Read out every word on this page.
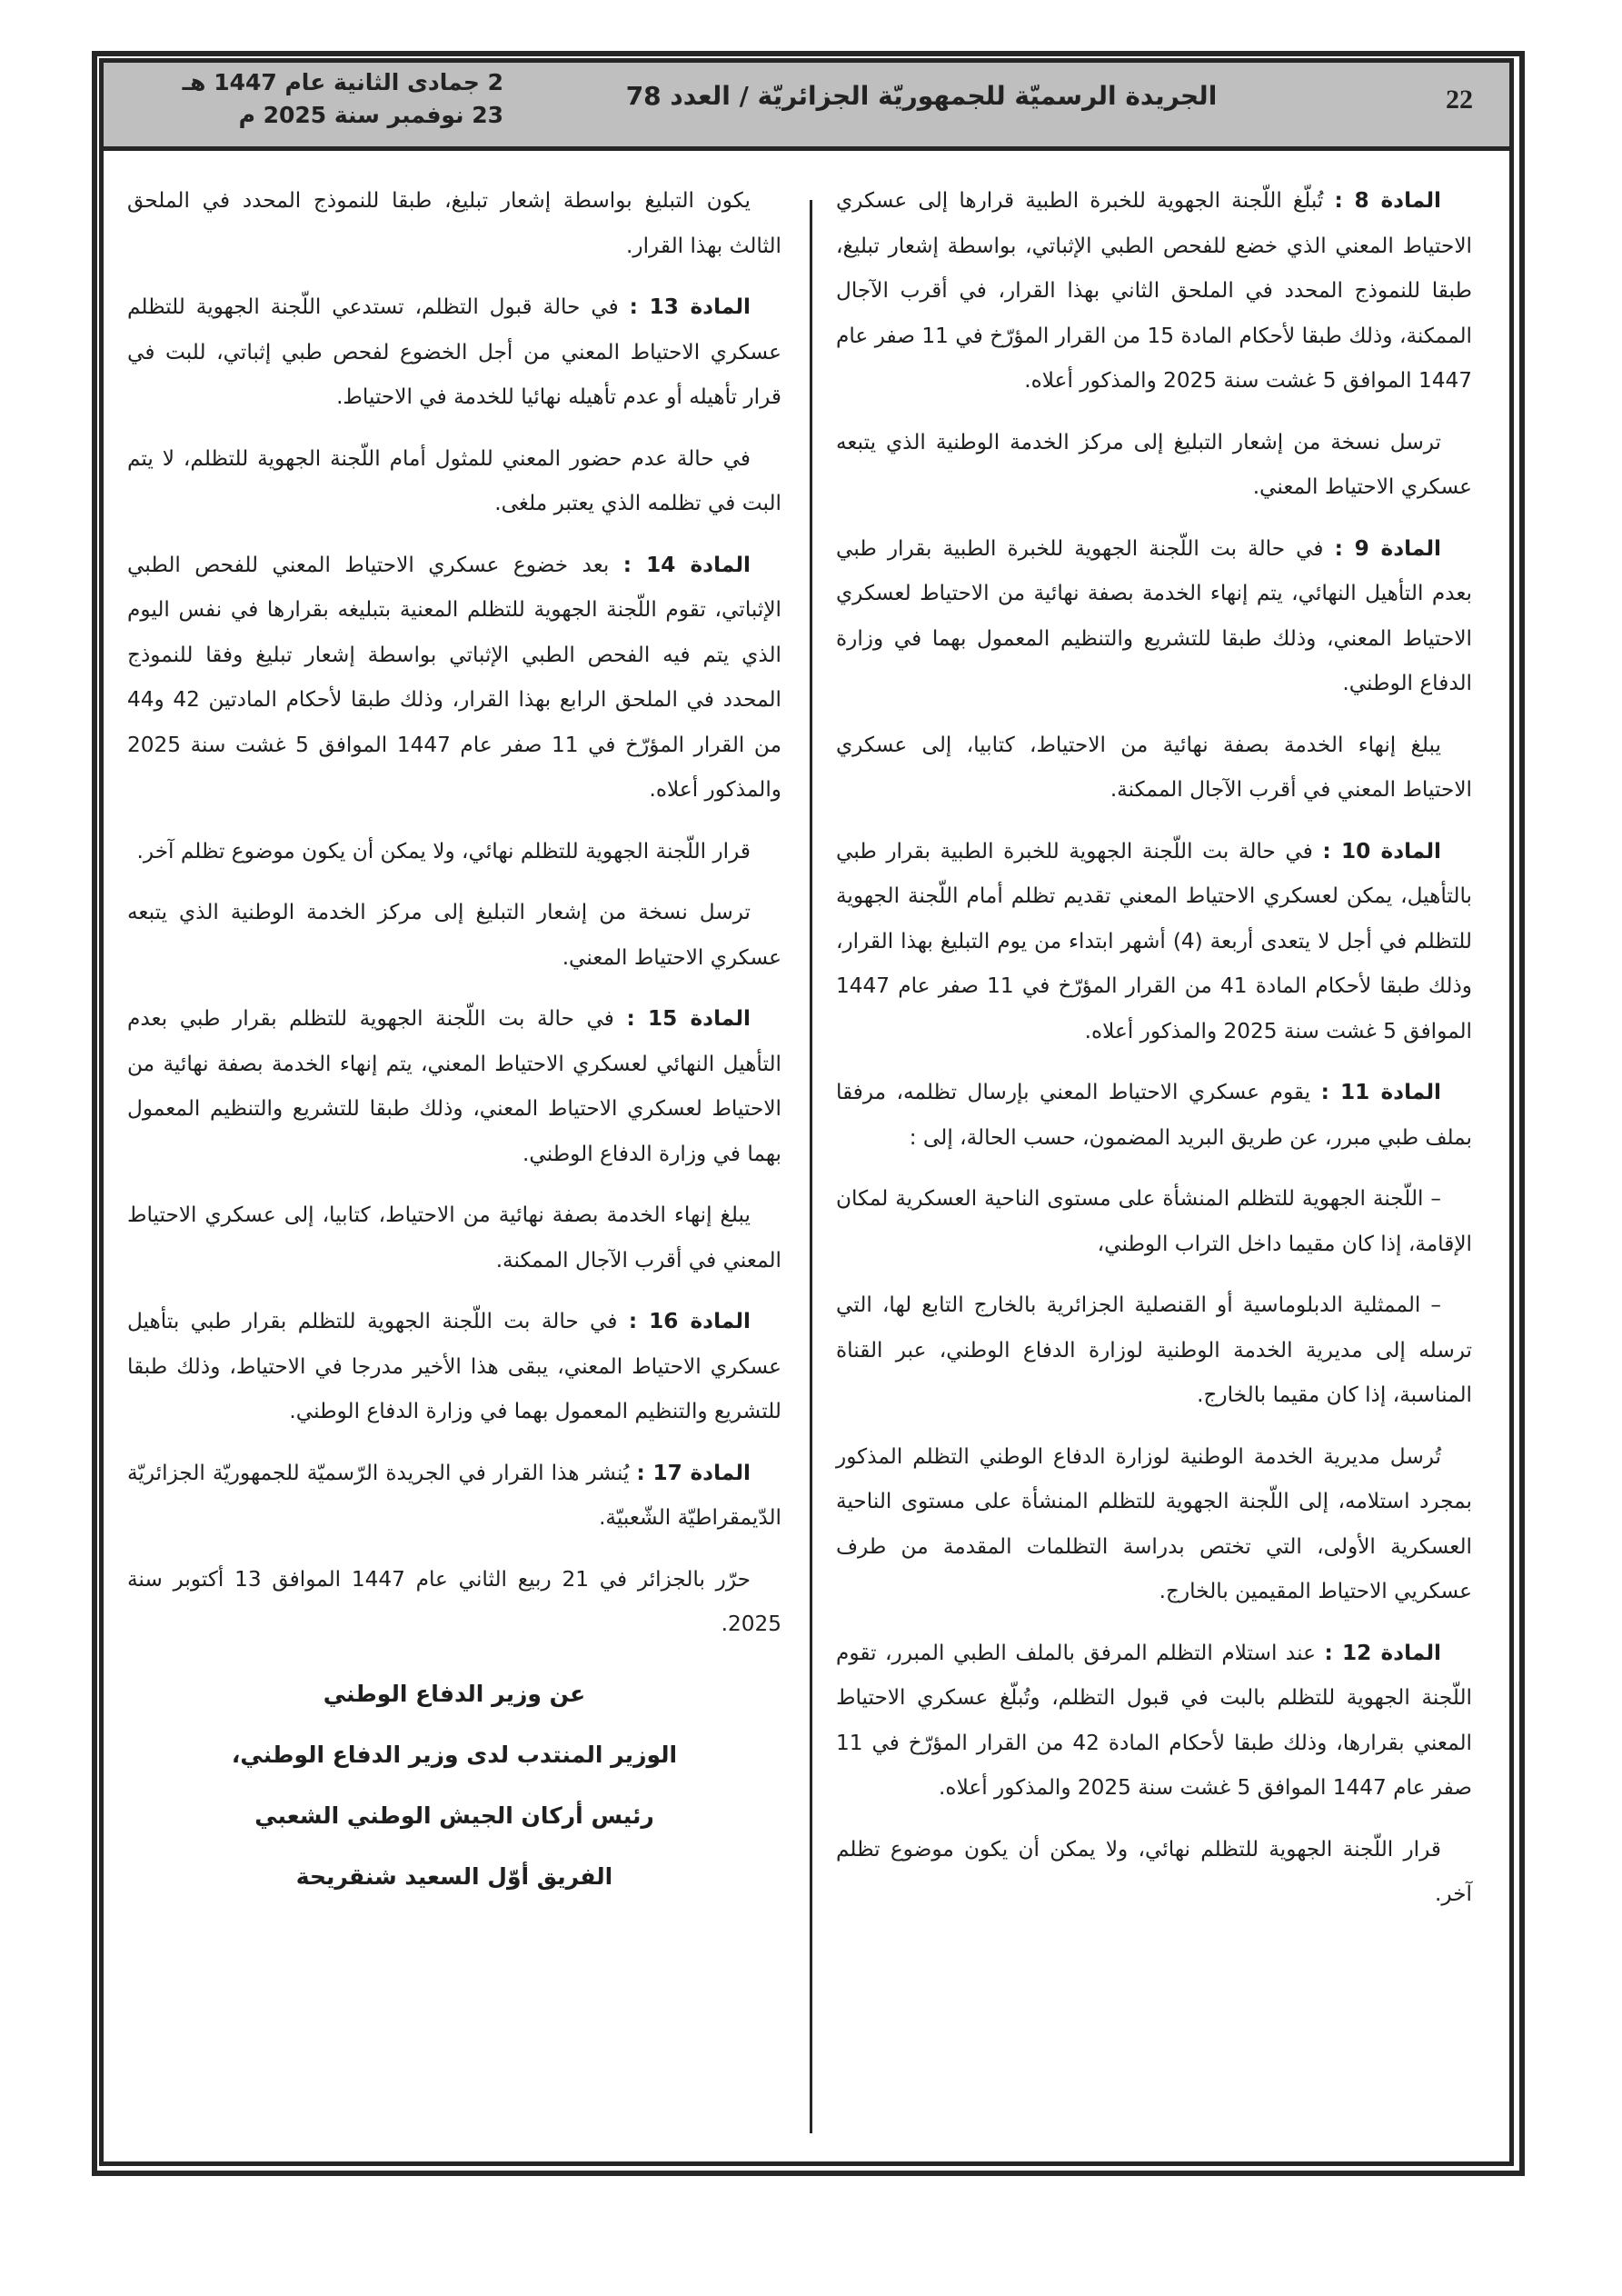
22
الجريدة الرسميّة للجمهوريّة الجزائريّة / العدد 78
2 جمادى الثانية عام 1447 هـ
23 نوفمبر سنة 2025 م

المادة 8 : تُبلّغ اللّجنة الجهوية للخبرة الطبية قرارها إلى عسكري الاحتياط المعني الذي خضع للفحص الطبي الإثباتي، بواسطة إشعار تبليغ، طبقا للنموذج المحدد في الملحق الثاني بهذا القرار، في أقرب الآجال الممكنة، وذلك طبقا لأحكام المادة 15 من القرار المؤرّخ في 11 صفر عام 1447 الموافق 5 غشت سنة 2025 والمذكور أعلاه.

ترسل نسخة من إشعار التبليغ إلى مركز الخدمة الوطنية الذي يتبعه عسكري الاحتياط المعني.

المادة 9 : في حالة بت اللّجنة الجهوية للخبرة الطبية بقرار طبي بعدم التأهيل النهائي، يتم إنهاء الخدمة بصفة نهائية من الاحتياط لعسكري الاحتياط المعني، وذلك طبقا للتشريع والتنظيم المعمول بهما في وزارة الدفاع الوطني.

يبلغ إنهاء الخدمة بصفة نهائية من الاحتياط، كتابيا، إلى عسكري الاحتياط المعني في أقرب الآجال الممكنة.

المادة 10 : في حالة بت اللّجنة الجهوية للخبرة الطبية بقرار طبي بالتأهيل، يمكن لعسكري الاحتياط المعني تقديم تظلم أمام اللّجنة الجهوية للتظلم في أجل لا يتعدى أربعة (4) أشهر ابتداء من يوم التبليغ بهذا القرار، وذلك طبقا لأحكام المادة 41 من القرار المؤرّخ في 11 صفر عام 1447 الموافق 5 غشت سنة 2025 والمذكور أعلاه.

المادة 11 : يقوم عسكري الاحتياط المعني بإرسال تظلمه، مرفقا بملف طبي مبرر، عن طريق البريد المضمون، حسب الحالة، إلى :

– اللّجنة الجهوية للتظلم المنشأة على مستوى الناحية العسكرية لمكان الإقامة، إذا كان مقيما داخل التراب الوطني،

– الممثلية الدبلوماسية أو القنصلية الجزائرية بالخارج التابع لها، التي ترسله إلى مديرية الخدمة الوطنية لوزارة الدفاع الوطني، عبر القناة المناسبة، إذا كان مقيما بالخارج.

تُرسل مديرية الخدمة الوطنية لوزارة الدفاع الوطني التظلم المذكور بمجرد استلامه، إلى اللّجنة الجهوية للتظلم المنشأة على مستوى الناحية العسكرية الأولى، التي تختص بدراسة التظلمات المقدمة من طرف عسكريي الاحتياط المقيمين بالخارج.

المادة 12 : عند استلام التظلم المرفق بالملف الطبي المبرر، تقوم اللّجنة الجهوية للتظلم بالبت في قبول التظلم، وتُبلّغ عسكري الاحتياط المعني بقرارها، وذلك طبقا لأحكام المادة 42 من القرار المؤرّخ في 11 صفر عام 1447 الموافق 5 غشت سنة 2025 والمذكور أعلاه.

قرار اللّجنة الجهوية للتظلم نهائي، ولا يمكن أن يكون موضوع تظلم آخر.

يكون التبليغ بواسطة إشعار تبليغ، طبقا للنموذج المحدد في الملحق الثالث بهذا القرار.

المادة 13 : في حالة قبول التظلم، تستدعي اللّجنة الجهوية للتظلم عسكري الاحتياط المعني من أجل الخضوع لفحص طبي إثباتي، للبت في قرار تأهيله أو عدم تأهيله نهائيا للخدمة في الاحتياط.

في حالة عدم حضور المعني للمثول أمام اللّجنة الجهوية للتظلم، لا يتم البت في تظلمه الذي يعتبر ملغى.

المادة 14 : بعد خضوع عسكري الاحتياط المعني للفحص الطبي الإثباتي، تقوم اللّجنة الجهوية للتظلم المعنية بتبليغه بقرارها في نفس اليوم الذي يتم فيه الفحص الطبي الإثباتي بواسطة إشعار تبليغ وفقا للنموذج المحدد في الملحق الرابع بهذا القرار، وذلك طبقا لأحكام المادتين 42 و44 من القرار المؤرّخ في 11 صفر عام 1447 الموافق 5 غشت سنة 2025 والمذكور أعلاه.

قرار اللّجنة الجهوية للتظلم نهائي، ولا يمكن أن يكون موضوع تظلم آخر.

ترسل نسخة من إشعار التبليغ إلى مركز الخدمة الوطنية الذي يتبعه عسكري الاحتياط المعني.

المادة 15 : في حالة بت اللّجنة الجهوية للتظلم بقرار طبي بعدم التأهيل النهائي لعسكري الاحتياط المعني، يتم إنهاء الخدمة بصفة نهائية من الاحتياط لعسكري الاحتياط المعني، وذلك طبقا للتشريع والتنظيم المعمول بهما في وزارة الدفاع الوطني.

يبلغ إنهاء الخدمة بصفة نهائية من الاحتياط، كتابيا، إلى عسكري الاحتياط المعني في أقرب الآجال الممكنة.

المادة 16 : في حالة بت اللّجنة الجهوية للتظلم بقرار طبي بتأهيل عسكري الاحتياط المعني، يبقى هذا الأخير مدرجا في الاحتياط، وذلك طبقا للتشريع والتنظيم المعمول بهما في وزارة الدفاع الوطني.

المادة 17 : يُنشر هذا القرار في الجريدة الرّسميّة للجمهوريّة الجزائريّة الدّيمقراطيّة الشّعبيّة.

حرّر بالجزائر في 21 ربيع الثاني عام 1447 الموافق 13 أكتوبر سنة 2025.

عن وزير الدفاع الوطني
الوزير المنتدب لدى وزير الدفاع الوطني،
رئيس أركان الجيش الوطني الشعبي
الفريق أوّل السعيد شنقريحة
